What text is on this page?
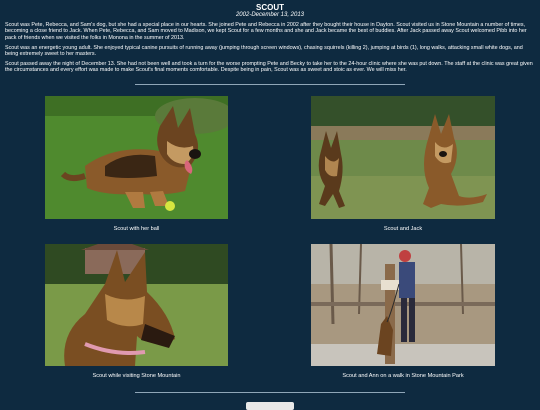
SCOUT
2002-December 13, 2013

Scout was Pete, Rebecca, and Sam's dog, but she had a special place in our hearts. She joined Pete and Rebecca in 2002 after they bought their house in Dayton. Scout visited us in Stone Mountain a number of times, becoming a close friend to Jack. When Pete, Rebecca, and Sam moved to Madison, we kept Scout for a few months and she and Jack became the best of buddies. After Jack passed away Scout welcomed Pibb into her pack of friends when we visited the folks in Monona in the summer of 2013.

Scout was an energetic young adult. She enjoyed typical canine pursuits of running away (jumping through screen windows), chasing squirrels (killing 2), jumping at birds (1), long walks, attacking small white dogs, and being extremely sweet to her masters.

Scout passed away the night of December 13. She had not been well and took a turn for the worse prompting Pete and Becky to take her to the 24-hour clinic where she was put down. The staff at the clinic was great given the circumstances and every effort was made to make Scout's final moments comfortable. Despite being in pain, Scout was as sweet and stoic as ever. We will miss her.

Scout with her ball	Scout and Jack
Scout while visiting Stone Mountain	Scout and Ann on a walk in Stone Mountain Park
